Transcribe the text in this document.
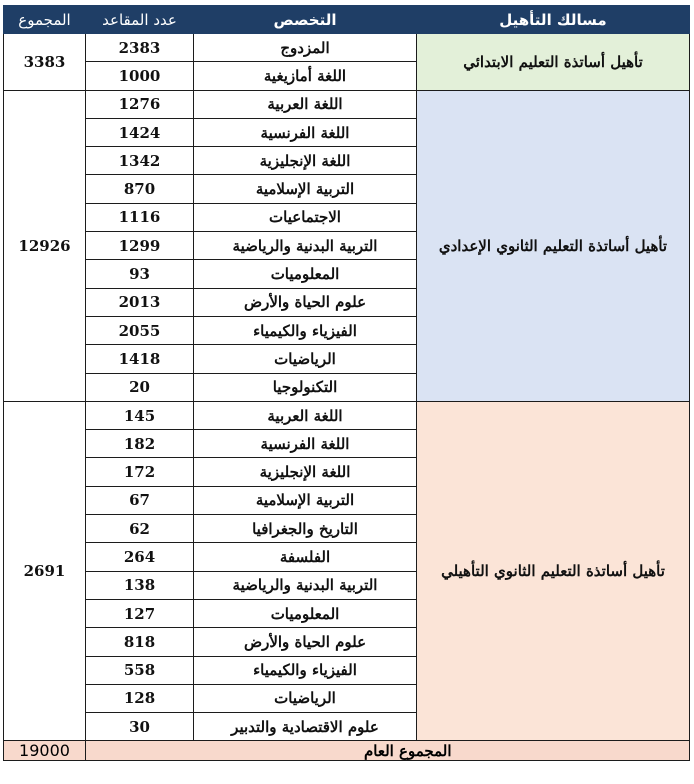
المجموع	عدد المقاعد	التخصص	مسالك التأهيل
3383	2383	المزدوج	تأهيل أساتذة التعليم الابتدائي
	1000	اللغة أمازيغية	
12926	1276	اللغة العربية	تأهيل أساتذة التعليم الثانوي الإعدادي
	1424	اللغة الفرنسية	
	1342	اللغة الإنجليزية	
	870	التربية الإسلامية	
	1116	الاجتماعيات	
	1299	التربية البدنية والرياضية	
	93	المعلوميات	
	2013	علوم الحياة والأرض	
	2055	الفيزياء والكيمياء	
	1418	الرياضيات	
	20	التكنولوجيا	
2691	145	اللغة العربية	تأهيل أساتذة التعليم الثانوي التأهيلي
	182	اللغة الفرنسية	
	172	اللغة الإنجليزية	
	67	التربية الإسلامية	
	62	التاريخ والجغرافيا	
	264	الفلسفة	
	138	التربية البدنية والرياضية	
	127	المعلوميات	
	818	علوم الحياة والأرض	
	558	الفيزياء والكيمياء	
	128	الرياضيات	
	30	علوم الاقتصادية والتدبير	
19000		المجموع العام	
